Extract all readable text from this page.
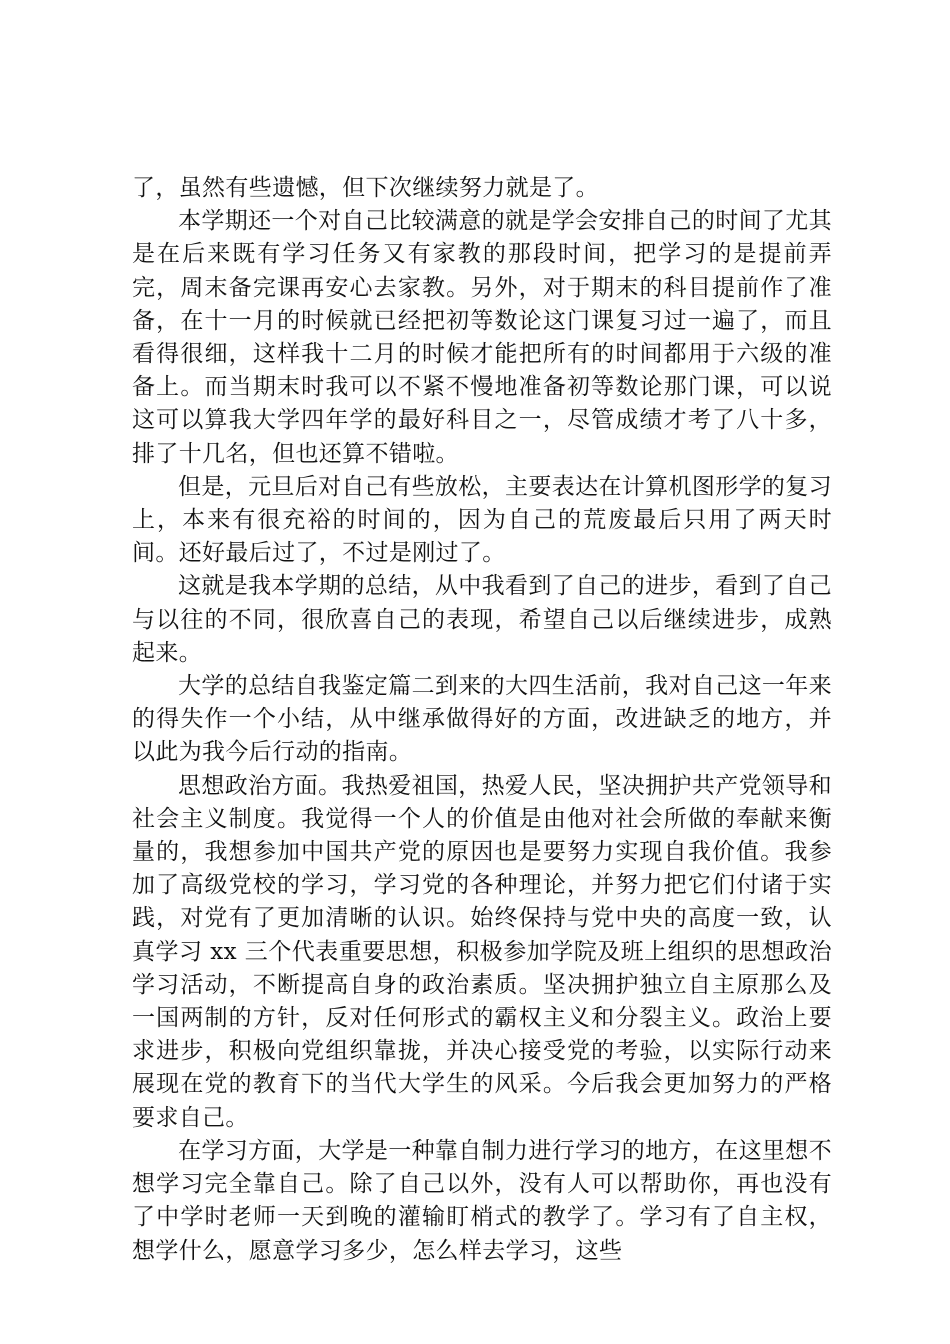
了，虽然有些遗憾，但下次继续努力就是了。

本学期还一个对自己比较满意的就是学会安排自己的时间了尤其是在后来既有学习任务又有家教的那段时间，把学习的是提前弄完，周末备完课再安心去家教。另外，对于期末的科目提前作了准备，在十一月的时候就已经把初等数论这门课复习过一遍了，而且看得很细，这样我十二月的时候才能把所有的时间都用于六级的准备上。而当期末时我可以不紧不慢地准备初等数论那门课，可以说这可以算我大学四年学的最好科目之一，尽管成绩才考了八十多，排了十几名，但也还算不错啦。

但是，元旦后对自己有些放松，主要表达在计算机图形学的复习上，本来有很充裕的时间的，因为自己的荒废最后只用了两天时间。还好最后过了，不过是刚过了。

这就是我本学期的总结，从中我看到了自己的进步，看到了自己与以往的不同，很欣喜自己的表现，希望自己以后继续进步，成熟起来。

大学的总结自我鉴定篇二到来的大四生活前，我对自己这一年来的得失作一个小结，从中继承做得好的方面，改进缺乏的地方，并以此为我今后行动的指南。

思想政治方面。我热爱祖国，热爱人民，坚决拥护共产党领导和社会主义制度。我觉得一个人的价值是由他对社会所做的奉献来衡量的，我想参加中国共产党的原因也是要努力实现自我价值。我参加了高级党校的学习，学习党的各种理论，并努力把它们付诸于实践，对党有了更加清晰的认识。始终保持与党中央的高度一致，认真学习 xx 三个代表重要思想，积极参加学院及班上组织的思想政治学习活动，不断提高自身的政治素质。坚决拥护独立自主原那么及一国两制的方针，反对任何形式的霸权主义和分裂主义。政治上要求进步，积极向党组织靠拢，并决心接受党的考验，以实际行动来展现在党的教育下的当代大学生的风采。今后我会更加努力的严格要求自己。

在学习方面，大学是一种靠自制力进行学习的地方，在这里想不想学习完全靠自己。除了自己以外，没有人可以帮助你，再也没有了中学时老师一天到晚的灌输盯梢式的教学了。学习有了自主权，想学什么，愿意学习多少，怎么样去学习，这些
